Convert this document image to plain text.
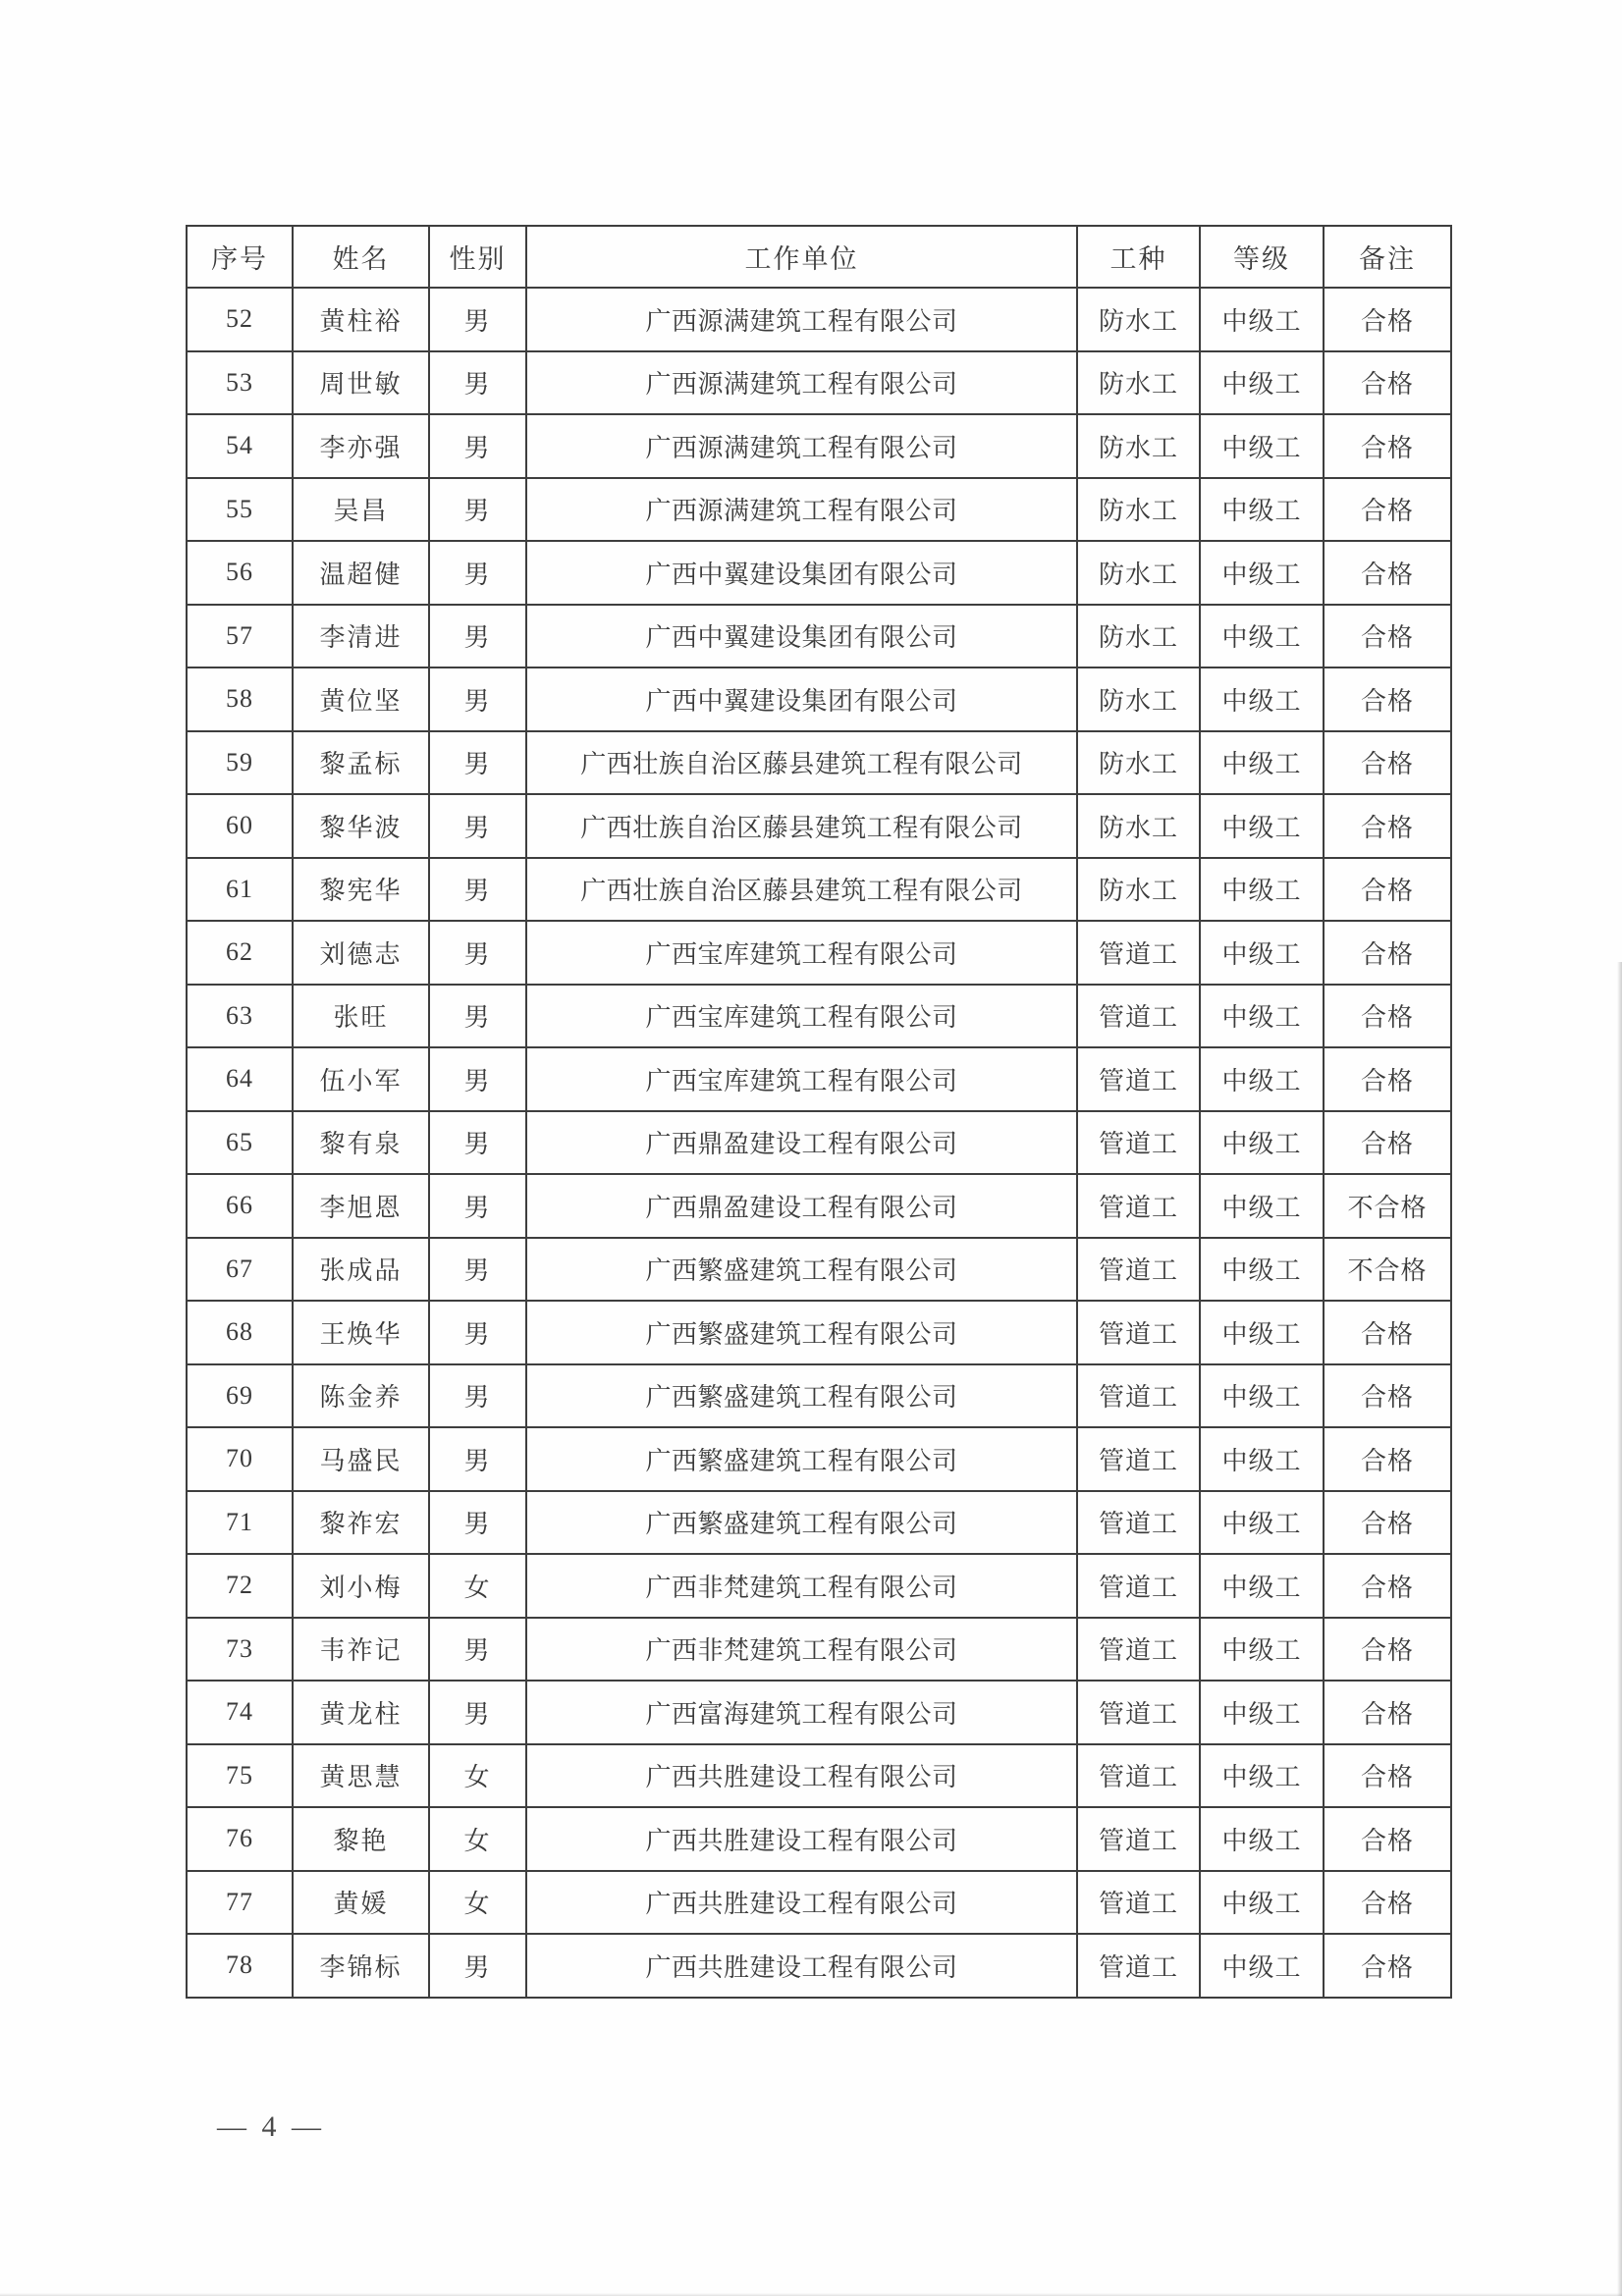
序号	姓名	性别	工作单位	工种	等级	备注
52	黄柱裕	男	广西源满建筑工程有限公司	防水工	中级工	合格
53	周世敏	男	广西源满建筑工程有限公司	防水工	中级工	合格
54	李亦强	男	广西源满建筑工程有限公司	防水工	中级工	合格
55	吴昌	男	广西源满建筑工程有限公司	防水工	中级工	合格
56	温超健	男	广西中翼建设集团有限公司	防水工	中级工	合格
57	李清进	男	广西中翼建设集团有限公司	防水工	中级工	合格
58	黄位坚	男	广西中翼建设集团有限公司	防水工	中级工	合格
59	黎孟标	男	广西壮族自治区藤县建筑工程有限公司	防水工	中级工	合格
60	黎华波	男	广西壮族自治区藤县建筑工程有限公司	防水工	中级工	合格
61	黎宪华	男	广西壮族自治区藤县建筑工程有限公司	防水工	中级工	合格
62	刘德志	男	广西宝库建筑工程有限公司	管道工	中级工	合格
63	张旺	男	广西宝库建筑工程有限公司	管道工	中级工	合格
64	伍小军	男	广西宝库建筑工程有限公司	管道工	中级工	合格
65	黎有泉	男	广西鼎盈建设工程有限公司	管道工	中级工	合格
66	李旭恩	男	广西鼎盈建设工程有限公司	管道工	中级工	不合格
67	张成品	男	广西繁盛建筑工程有限公司	管道工	中级工	不合格
68	王焕华	男	广西繁盛建筑工程有限公司	管道工	中级工	合格
69	陈金养	男	广西繁盛建筑工程有限公司	管道工	中级工	合格
70	马盛民	男	广西繁盛建筑工程有限公司	管道工	中级工	合格
71	黎祚宏	男	广西繁盛建筑工程有限公司	管道工	中级工	合格
72	刘小梅	女	广西非梵建筑工程有限公司	管道工	中级工	合格
73	韦祚记	男	广西非梵建筑工程有限公司	管道工	中级工	合格
74	黄龙柱	男	广西富海建筑工程有限公司	管道工	中级工	合格
75	黄思慧	女	广西共胜建设工程有限公司	管道工	中级工	合格
76	黎艳	女	广西共胜建设工程有限公司	管道工	中级工	合格
77	黄媛	女	广西共胜建设工程有限公司	管道工	中级工	合格
78	李锦标	男	广西共胜建设工程有限公司	管道工	中级工	合格
— 4 —
